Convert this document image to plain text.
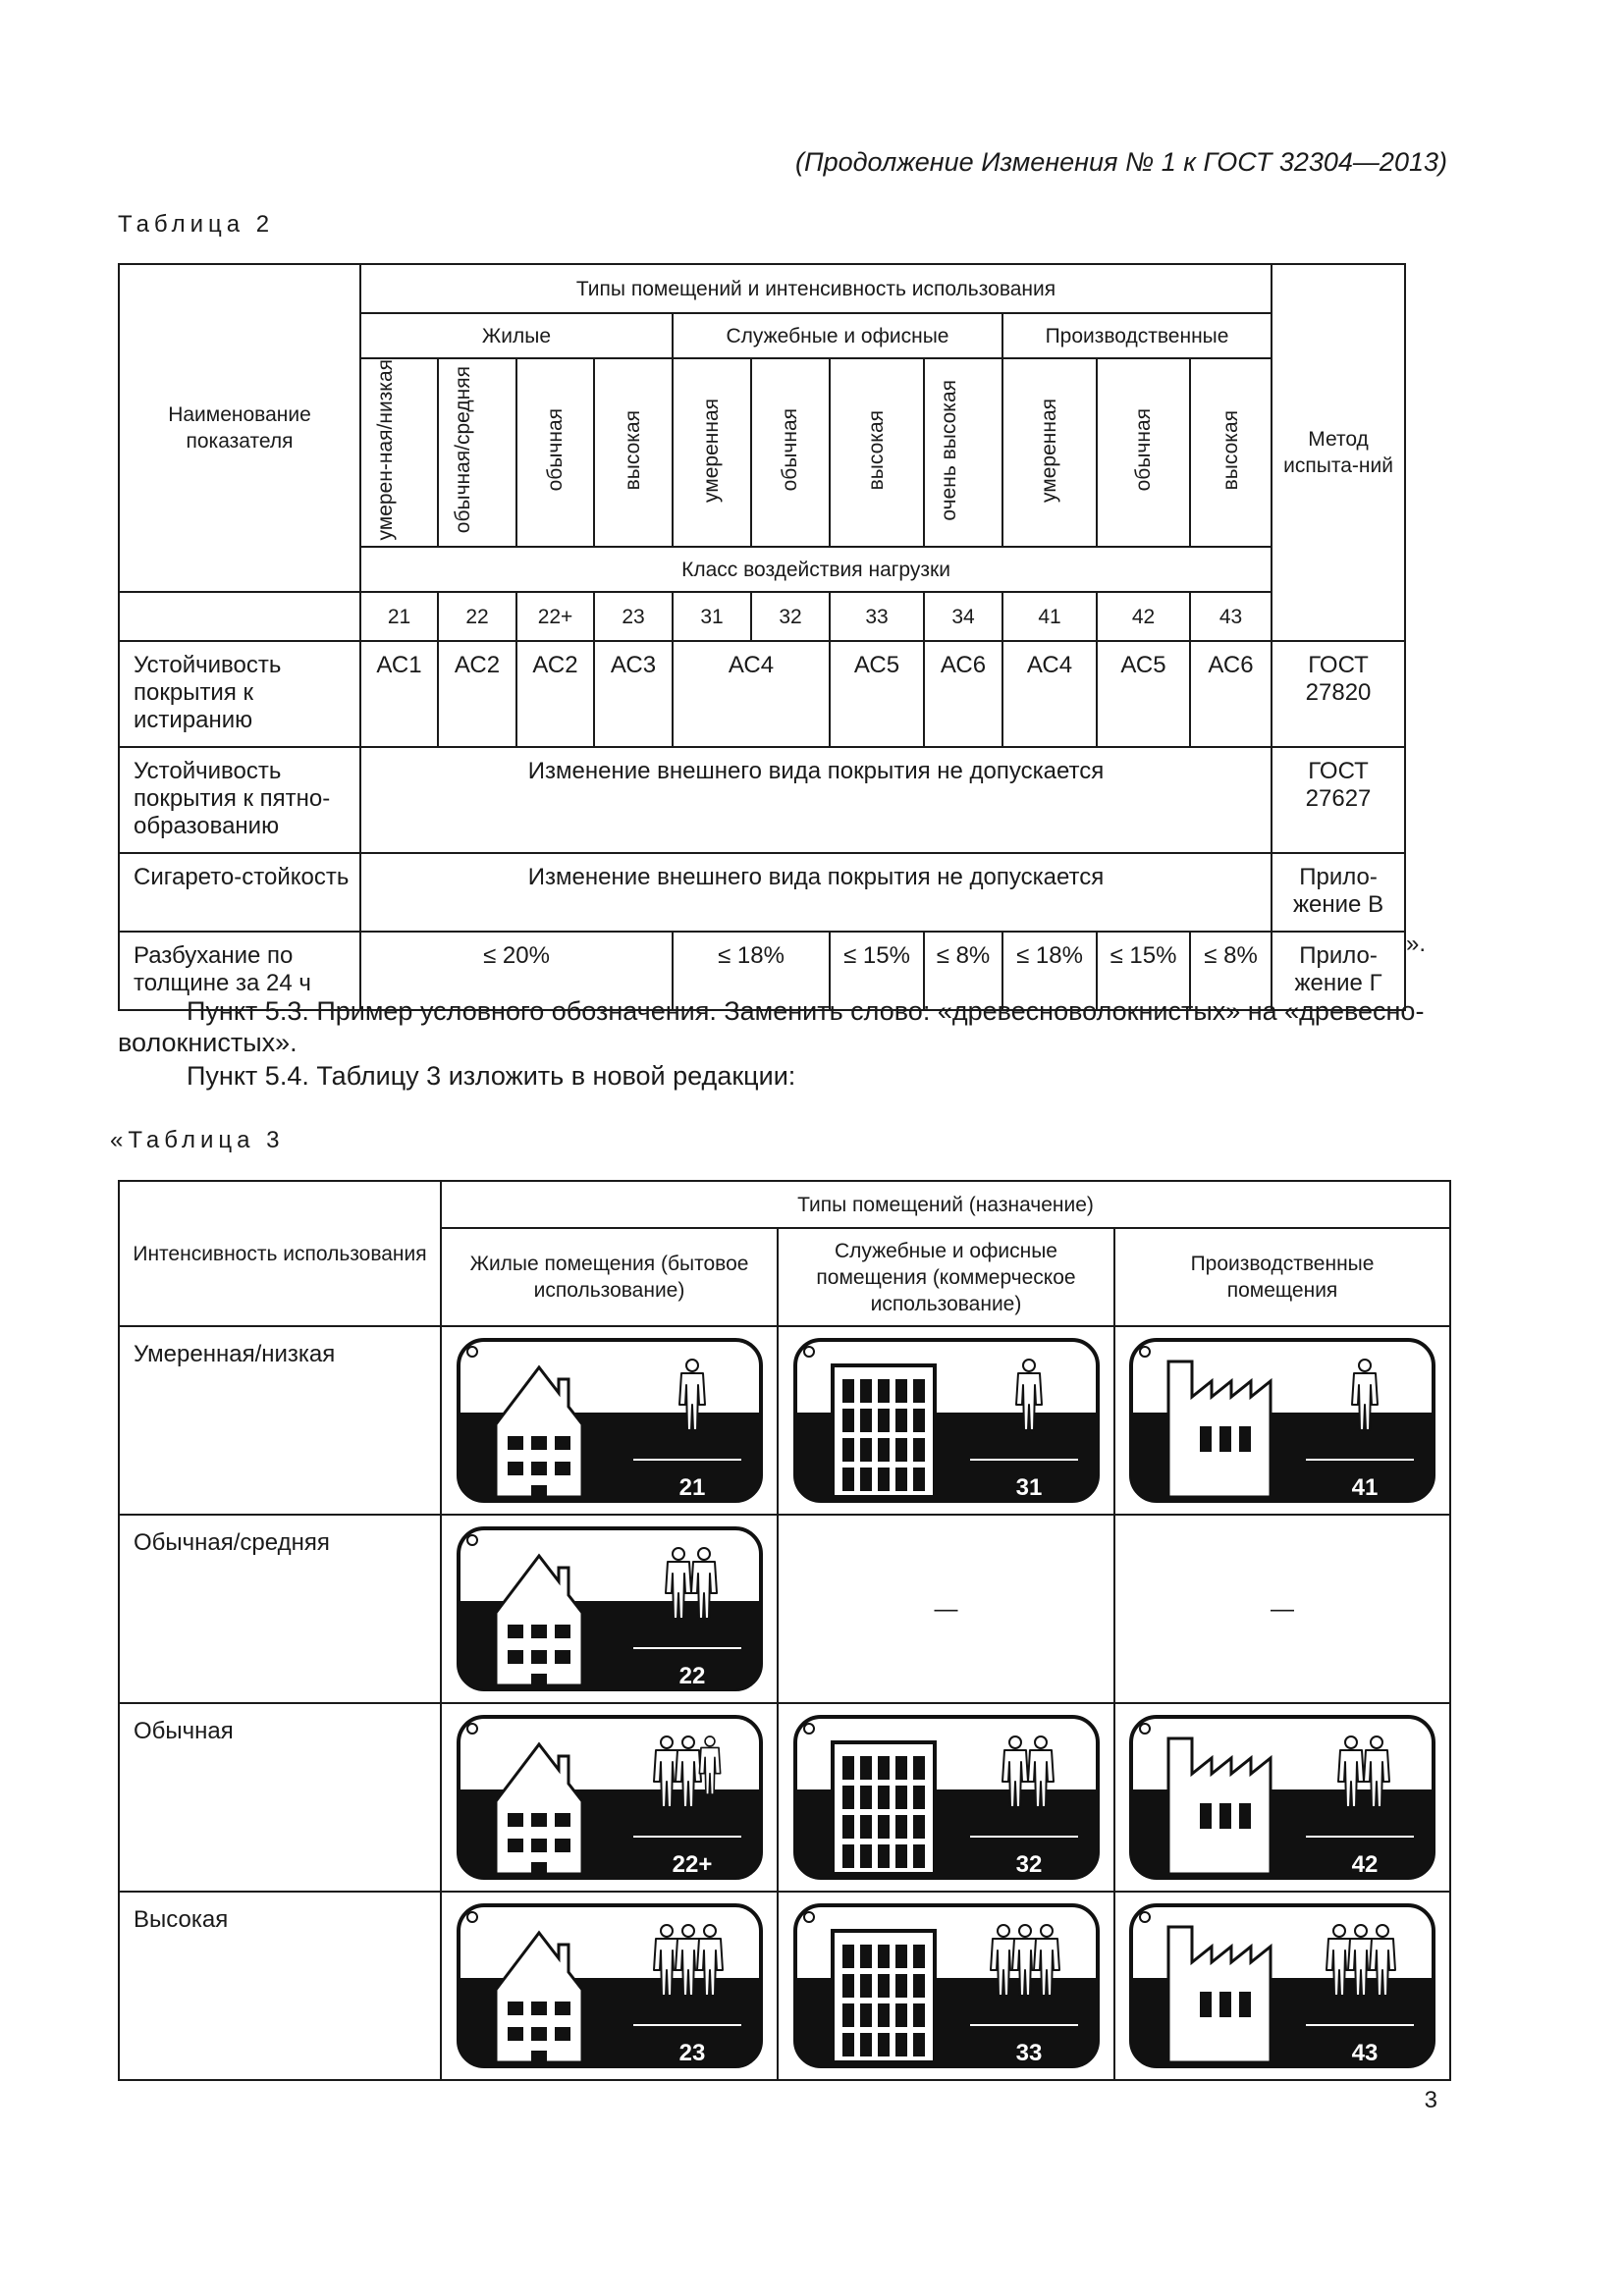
(Продолжение Изменения № 1 к ГОСТ 32304—2013)
Таблица 2
Наименование показателя	Типы помещений и интенсивность использования											Метод испыта-ний
	Жилые				Служебные и офисные				Производственные			
	умерен-ная/низкая	обычная/средняя	обычная	высокая	умеренная	обычная	высокая	очень высокая	умеренная	обычная	высокая	
	Класс воздействия нагрузки											
	21	22	22+	23	31	32	33	34	41	42	43	
Устойчивость покрытия к истиранию	АС1	АС2	АС2	АС3	АС4		АС5	АС6	АС4	АС5	АС6	ГОСТ 27820
Устойчивость покрытия к пятно-образованию	Изменение внешнего вида покрытия не допускается											ГОСТ 27627
Сигарето-стойкость	Изменение внешнего вида покрытия не допускается											Прило-жение В
Разбухание по толщине за 24 ч	≤ 20%				≤ 18%		≤ 15%	≤ 8%	≤ 18%	≤ 15%	≤ 8%	Прило-жение Г
».
Пункт 5.3. Пример условного обозначения. Заменить слово: «древесноволокнистых» на «древесно-волокнистых».
Пункт 5.4. Таблицу 3 изложить в новой редакции:
«Таблица 3
Интенсивность использования	Типы помещений (назначение)		
	Жилые помещения (бытовое использование)	Служебные и офисные помещения (коммерческое использование)	Производственные помещения
Умеренная/низкая	21	31	41

Обычная/средняя	22	—	—
Обычная	22+	32	42

Высокая	23	33	43
3
